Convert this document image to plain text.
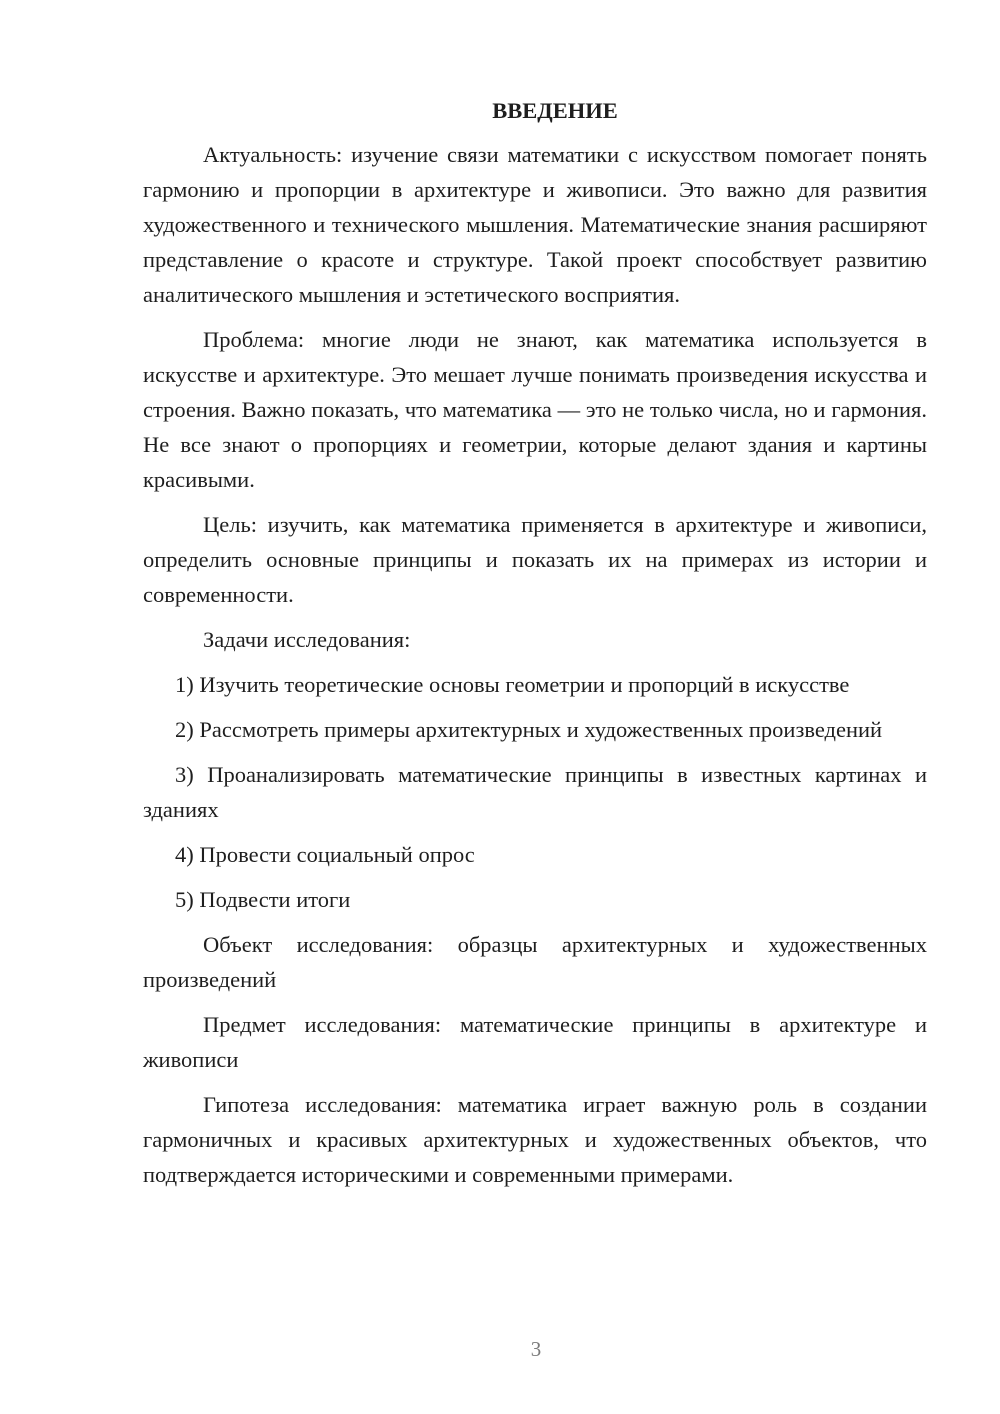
ВВЕДЕНИЕ

Актуальность: изучение связи математики с искусством помогает понять гармонию и пропорции в архитектуре и живописи. Это важно для развития художественного и технического мышления. Математические знания расширяют представление о красоте и структуре. Такой проект способствует развитию аналитического мышления и эстетического восприятия.

Проблема: многие люди не знают, как математика используется в искусстве и архитектуре. Это мешает лучше понимать произведения искусства и строения. Важно показать, что математика — это не только числа, но и гармония. Не все знают о пропорциях и геометрии, которые делают здания и картины красивыми.

Цель: изучить, как математика применяется в архитектуре и живописи, определить основные принципы и показать их на примерах из истории и современности.

Задачи исследования:

1) Изучить теоретические основы геометрии и пропорций в искусстве

2) Рассмотреть примеры архитектурных и художественных произведений

3) Проанализировать математические принципы в известных картинах и зданиях

4) Провести социальный опрос

5) Подвести итоги

Объект исследования: образцы архитектурных и художественных произведений

Предмет исследования: математические принципы в архитектуре и живописи

Гипотеза исследования: математика играет важную роль в создании гармоничных и красивых архитектурных и художественных объектов, что подтверждается историческими и современными примерами.

3
